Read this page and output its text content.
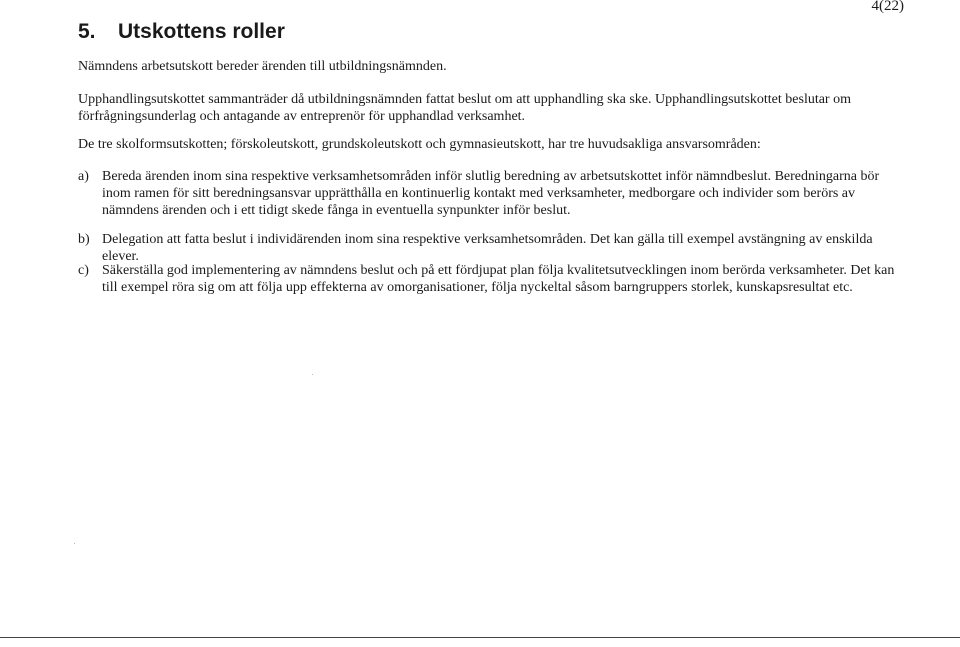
4(22)
5. Utskottens roller

Nämndens arbetsutskott bereder ärenden till utbildningsnämnden.

Upphandlingsutskottet sammanträder då utbildningsnämnden fattat beslut om att upphandling ska ske. Upphandlingsutskottet beslutar om förfrågningsunderlag och antagande av entreprenör för upphandlad verksamhet.

De tre skolformsutskotten; förskoleutskott, grundskoleutskott och gymnasieutskott, har tre huvudsakliga ansvarsområden:

a) Bereda ärenden inom sina respektive verksamhetsområden inför slutlig beredning av arbetsutskottet inför nämndbeslut. Beredningarna bör inom ramen för sitt beredningsansvar upprätthålla en kontinuerlig kontakt med verksamheter, medborgare och individer som berörs av nämndens ärenden och i ett tidigt skede fånga in eventuella synpunkter inför beslut.
b) Delegation att fatta beslut i individärenden inom sina respektive verksamhetsområden. Det kan gälla till exempel avstängning av enskilda elever.
c) Säkerställa god implementering av nämndens beslut och på ett fördjupat plan följa kvalitetsutvecklingen inom berörda verksamheter. Det kan till exempel röra sig om att följa upp effekterna av omorganisationer, följa nyckeltal såsom barngruppers storlek, kunskapsresultat etc.
